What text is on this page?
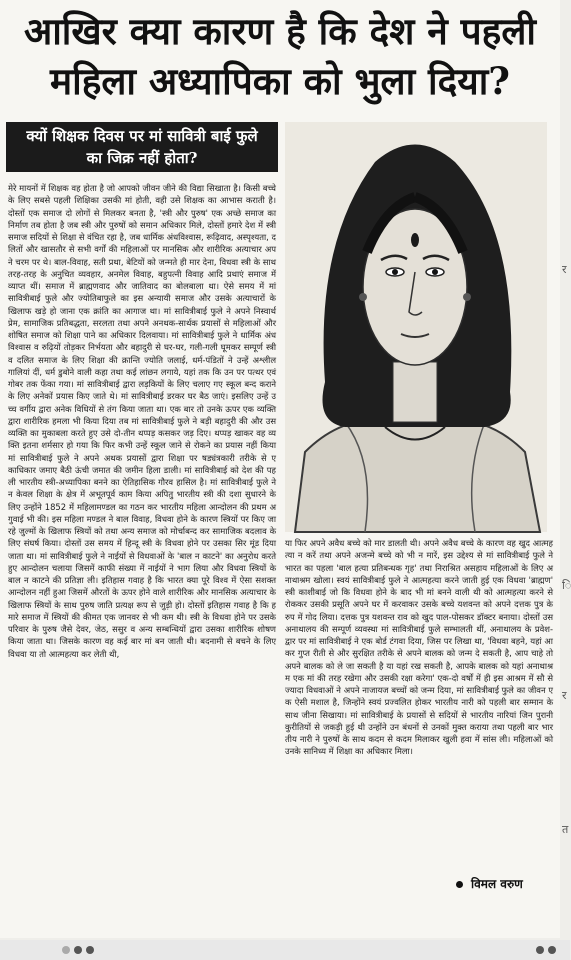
आखिर क्या कारण है कि देश ने पहली
महिला अध्यापिका को भुला दिया?
क्यों शिक्षक दिवस पर मां सावित्री बाई फुले
का जिक्र नहीं होता?

मेरे मायनों में शिक्षक वह होता है जो आपको जीवन जीने की विद्या सिखाता है। किसी बच्चे के लिए सबसे पहली शिक्षिका उसकी मां होती, वही उसे शिक्षक का आभास कराती है। दोस्तों एक समाज दो लोगों से मिलकर बनता है, 'स्त्री और पुरुष' एक अच्छे समाज का निर्माण तब होता है जब स्त्री और पुरुषों को समान अधिकार मिले, दोस्तों हमारे देश में स्त्री समाज सदियों से शिक्षा से वंचित रहा है, जब धार्मिक अंधविश्वास, रूढ़िवाद, अस्पृश्यता, दलितों और खासतौर से सभी वर्गों की महिलाओं पर मानसिक और शारीरिक अत्याचार अपने चरम पर थे। बाल-विवाह, सती प्रथा, बेटियों को जन्मते ही मार देना, विधवा स्त्री के साथ तरह-तरह के अनुचित व्यवहार, अनमेल विवाह, बहुपत्नी विवाह आदि प्रथाएं समाज में व्याप्त थीं। समाज में ब्राह्मणवाद और जातिवाद का बोलबाला था। ऐसे समय में मां सावित्रीबाई फुले और ज्योतिबाफुले का इस अन्यायी समाज और उसके अत्याचारों के खिलाफ खड़े हो जाना एक क्रांति का आगाज था। मां सावित्रीबाई फुले ने अपने निस्वार्थ प्रेम, सामाजिक प्रतिबद्धता, सरलता तथा अपने अनथक-सार्थक प्रयासों से महिलाओं और शोषित समाज को शिक्षा पाने का अधिकार दिलवाया। मां सावित्रीबाई फुले ने धार्मिक अंधविश्वास व रुढ़ियों तोड़कर निर्भयता और बहादुरी से घर-घर, गली-गली घूमकर सम्पूर्ण स्त्री व दलित समाज के लिए शिक्षा की क्रान्ति ज्योति जलाई, धर्म-पंडितों ने उन्हें अश्लील गालियां दीं, धर्म डुबोने वाली कहा तथा कई लांछन लगाये, यहां तक कि उन पर पत्थर एवं गोबर तक फेंका गया। मां सावित्रीबाई द्वारा लड़कियों के लिए चलाए गए स्कूल बन्द कराने के लिए अनेकों प्रयास किए जाते थे। मां सावित्रीबाई डरकर घर बैठ जाएं। इसलिए उन्हें उच्च वर्गीय द्वारा अनेक विधियों से तंग किया जाता था। एक बार तो उनके ऊपर एक व्यक्ति द्वारा शारीरिक हमला भी किया दिया तब मां सावित्रीबाई फुले ने बड़ी बहादुरी की और उस व्यक्ति का मुकाबला करते हुए उसे दो-तीन थप्पड़ कसकर जड़ दिए। थप्पड़ खाकर वह व्यक्ति इतना शर्मसार हो गया कि फिर कभी उन्हें स्कूल जाने से रोकने का प्रयास नहीं किया मां सावित्रीबाई फुले ने अपने अथक प्रयासों द्वारा शिक्षा पर षड्यंत्रकारी तरीके से एकाधिकार जमाए बैठी ऊंची जमात की जमीन हिला डाली। मां सावित्रीबाई को देश की पहली भारतीय स्त्री-अध्यापिका बनने का ऐतिहासिक गौरव हासिल है। मां सावित्रीबाई फुले ने न केवल शिक्षा के क्षेत्र में अभूतपूर्व काम किया अपितु भारतीय स्त्री की दशा सुधारने के लिए उन्होंने 1852 में महिलामण्डल का गठन कर भारतीय महिला आन्दोलन की प्रथम अगुवाई भी की। इस महिला मण्डल ने बाल विवाह, विधवा होने के कारण स्त्रियों पर किए जा रहे जुल्मों के खिलाफ स्त्रियों को तथा अन्य समाज को मोर्चाबन्द कर सामाजिक बदलाव के लिए संघर्ष किया। दोस्तों उस समय में हिन्दू स्त्री के विधवा होने पर उसका सिर मूंड दिया जाता था। मां सावित्रीबाई फुले ने नाईयों से विधवाओं के 'बाल न काटने' का अनुरोध करते हुए आन्दोलन चलाया जिसमें काफी संख्या में नाईयों ने भाग लिया और विधवा स्त्रियों के बाल न काटने की प्रतिज्ञा ली। इतिहास गवाह है कि भारत क्या पूरे विश्व में ऐसा सशक्त आन्दोलन नहीं हुआ जिसमें औरतों के ऊपर होने वाले शारीरिक और मानसिक अत्याचार के खिलाफ स्त्रियों के साथ पुरुष जाति प्रत्यक्ष रूप से जुड़ी हो। दोस्तों इतिहास गवाह है कि हमारे समाज में स्त्रियों की कीमत एक जानवर से भी कम थी। स्त्री के विधवा होने पर उसके परिवार के पुरुष जैसे देवर, जेठ, ससुर व अन्य सम्बन्धियों द्वारा उसका शारीरिक शोषण किया जाता था। जिसके कारण वह कई बार मां बन जाती थी। बदनामी से बचने के लिए विधवा या तो आत्महत्या कर लेती थी,

या फिर अपने अवैध बच्चे को मार डालती थी। अपने अवैध बच्चे के कारण वह खुद आत्महत्या न करें तथा अपने अजन्मे बच्चे को भी न मारें, इस उद्देश्य से मां सावित्रीबाई फुले ने भारत का पहला 'बाल हत्या प्रतिबन्धक गृह' तथा निराश्रित असहाय महिलाओं के लिए अनाथाश्रम खोला। स्वयं सावित्रीबाई फुले ने आत्महत्या करने जाती हुई एक विधवा 'ब्राह्मण' स्त्री काशीबाई जो कि विधवा होने के बाद भी मां बनने वाली थी को आत्महत्या करने से रोककर उसकी प्रसूति अपने घर में करवाकर उसके बच्चे यशवन्त को अपने दत्तक पुत्र के रुप में गोद लिया। दत्तक पुत्र यशवन्त राव को खुद पाल-पोसकर डॉक्टर बनाया। दोस्तों उस अनाथालय की सम्पूर्ण व्यवस्था मां सावित्रीबाई फुले सम्भालती थीं, अनाथालय के प्रवेश-द्वार पर मां सावित्रीबाई ने एक बोर्ड टंगवा दिया, जिस पर लिखा था, 'विधवा बहने, यहां आकर गुप्त रीती से और सुरक्षित तरीके से अपने बालक को जन्म दे सकती है, आप चाहे तो अपने बालक को ले जा सकती है या यहां रख सकती है, आपके बालक को यहां अनाथाश्रम एक मां की तरह रखेगा और उसकी रक्षा करेगा' एक-दो वर्षों में ही इस आश्रम में सौ से ज्यादा विधवाओं ने अपने नाजायज बच्चों को जन्म दिया, मां सावित्रीबाई फुले का जीवन एक ऐसी मशाल है, जिन्होंने स्वयं प्रज्वलित होकर भारतीय नारी को पहली बार सम्मान के साथ जीना सिखाया। मां सावित्रीबाई के प्रयासों से सदियों से भारतीय नारियां जिन पुरानी कुरीतियों से जकड़ी हुई थी उन्होंने उन बंधनों से उनकों मुक्त कराया तथा पहली बार भारतीय नारी ने पुरुषों के साथ कदम से कदम मिलाकर खुली हवा में सांस ली। महिलाओं को उनके सानिध्य में शिक्षा का अधिकार मिला।

विमल वरुण
र
ि
र
त
